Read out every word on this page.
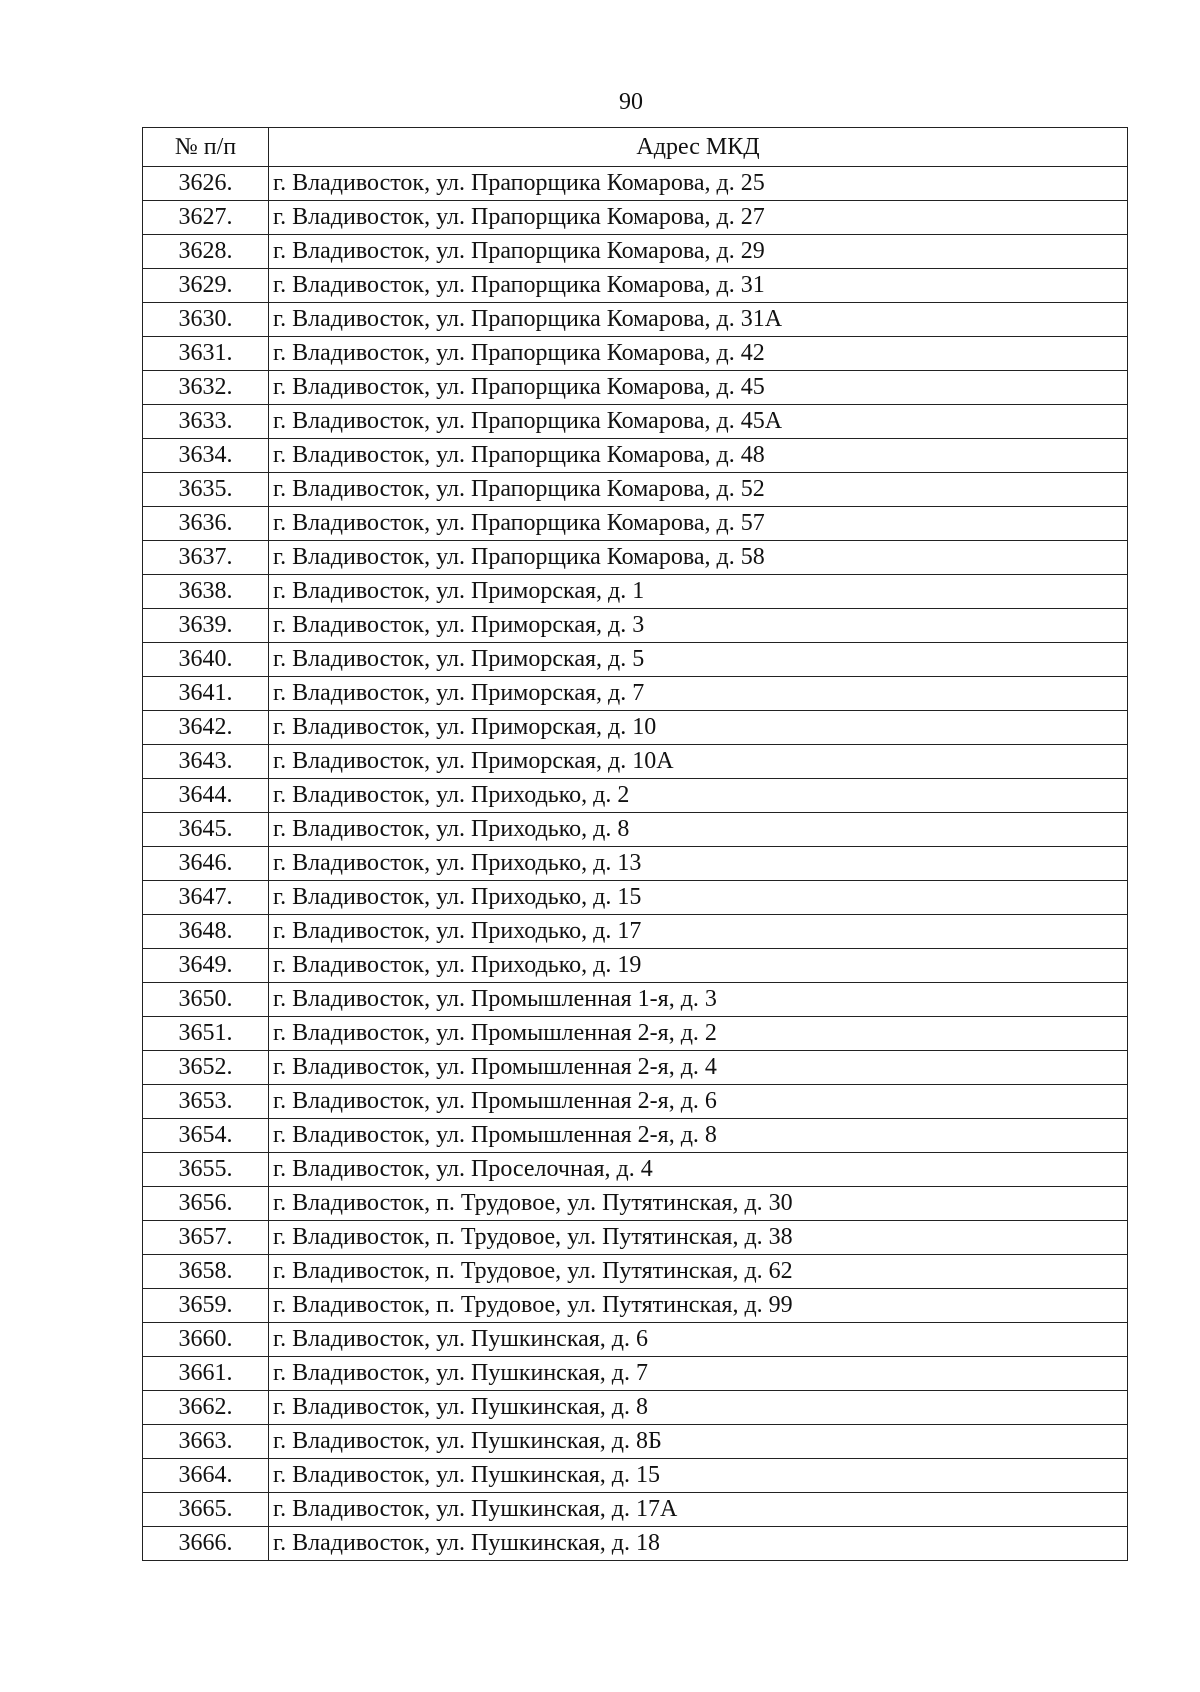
90
№ п/п	Адрес МКД
3626.	г. Владивосток, ул. Прапорщика Комарова, д. 25
3627.	г. Владивосток, ул. Прапорщика Комарова, д. 27
3628.	г. Владивосток, ул. Прапорщика Комарова, д. 29
3629.	г. Владивосток, ул. Прапорщика Комарова, д. 31
3630.	г. Владивосток, ул. Прапорщика Комарова, д. 31А
3631.	г. Владивосток, ул. Прапорщика Комарова, д. 42
3632.	г. Владивосток, ул. Прапорщика Комарова, д. 45
3633.	г. Владивосток, ул. Прапорщика Комарова, д. 45А
3634.	г. Владивосток, ул. Прапорщика Комарова, д. 48
3635.	г. Владивосток, ул. Прапорщика Комарова, д. 52
3636.	г. Владивосток, ул. Прапорщика Комарова, д. 57
3637.	г. Владивосток, ул. Прапорщика Комарова, д. 58
3638.	г. Владивосток, ул. Приморская, д. 1
3639.	г. Владивосток, ул. Приморская, д. 3
3640.	г. Владивосток, ул. Приморская, д. 5
3641.	г. Владивосток, ул. Приморская, д. 7
3642.	г. Владивосток, ул. Приморская, д. 10
3643.	г. Владивосток, ул. Приморская, д. 10А
3644.	г. Владивосток, ул. Приходько, д. 2
3645.	г. Владивосток, ул. Приходько, д. 8
3646.	г. Владивосток, ул. Приходько, д. 13
3647.	г. Владивосток, ул. Приходько, д. 15
3648.	г. Владивосток, ул. Приходько, д. 17
3649.	г. Владивосток, ул. Приходько, д. 19
3650.	г. Владивосток, ул. Промышленная 1-я, д. 3
3651.	г. Владивосток, ул. Промышленная 2-я, д. 2
3652.	г. Владивосток, ул. Промышленная 2-я, д. 4
3653.	г. Владивосток, ул. Промышленная 2-я, д. 6
3654.	г. Владивосток, ул. Промышленная 2-я, д. 8
3655.	г. Владивосток, ул. Проселочная, д. 4
3656.	г. Владивосток, п. Трудовое, ул. Путятинская, д. 30
3657.	г. Владивосток, п. Трудовое, ул. Путятинская, д. 38
3658.	г. Владивосток, п. Трудовое, ул. Путятинская, д. 62
3659.	г. Владивосток, п. Трудовое, ул. Путятинская, д. 99
3660.	г. Владивосток, ул. Пушкинская, д. 6
3661.	г. Владивосток, ул. Пушкинская, д. 7
3662.	г. Владивосток, ул. Пушкинская, д. 8
3663.	г. Владивосток, ул. Пушкинская, д. 8Б
3664.	г. Владивосток, ул. Пушкинская, д. 15
3665.	г. Владивосток, ул. Пушкинская, д. 17А
3666.	г. Владивосток, ул. Пушкинская, д. 18
